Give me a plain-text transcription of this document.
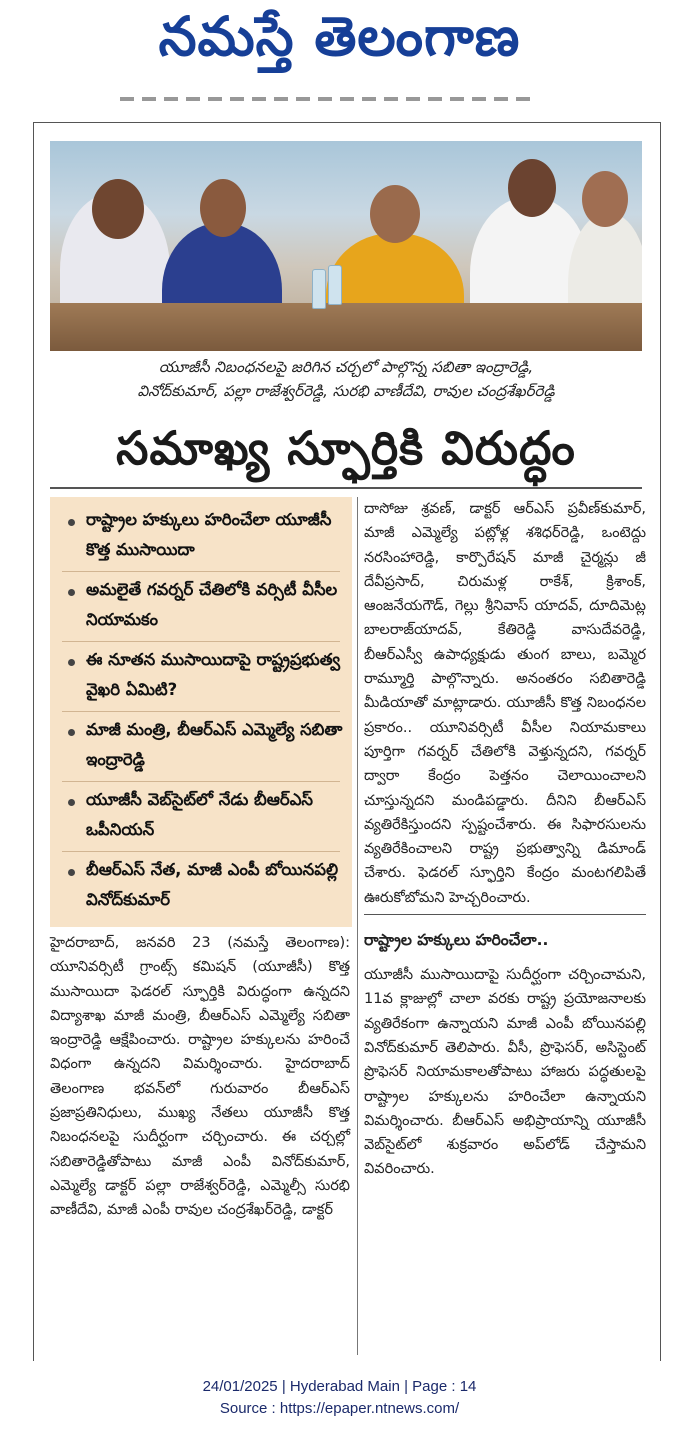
నమస్తే తెలంగాణ
యూజీసీ నిబంధనలపై జరిగిన చర్చలో పాల్గొన్న సబితా ఇంద్రారెడ్డి,
వినోద్‌కుమార్, పల్లా రాజేశ్వర్‌రెడ్డి, సురభి వాణీదేవి, రావుల చంద్రశేఖర్‌రెడ్డి
సమాఖ్య స్ఫూర్తికి విరుద్ధం
రాష్ట్రాల హక్కులు హరించేలా యూజీసీ కొత్త ముసాయిదా
అమలైతే గవర్నర్ చేతిలోకి వర్సిటీ వీసీల నియామకం
ఈ నూతన ముసాయిదాపై రాష్ట్రప్రభుత్వ వైఖరి ఏమిటి?
మాజీ మంత్రి, బీఆర్‌ఎస్ ఎమ్మెల్యే సబితా ఇంద్రారెడ్డి
యూజీసీ వెబ్‌సైట్‌లో నేడు బీఆర్‌ఎస్ ఒపీనియన్
బీఆర్‌ఎస్ నేత, మాజీ ఎంపీ బోయినపల్లి వినోద్‌కుమార్

హైదరాబాద్, జనవరి 23 (నమస్తే తెలంగాణ): యూనివర్సిటీ గ్రాంట్స్ కమిషన్ (యూజీసీ) కొత్త ముసాయిదా ఫెడరల్ స్ఫూర్తికి విరుద్ధంగా ఉన్నదని విద్యాశాఖ మాజీ మంత్రి, బీఆర్‌ఎస్ ఎమ్మెల్యే సబితా ఇంద్రారెడ్డి ఆక్షేపించారు. రాష్ట్రాల హక్కులను హరించే విధంగా ఉన్నదని విమర్శించారు. హైదరాబాద్ తెలంగాణ భవన్‌లో గురువారం బీఆర్‌ఎస్ ప్రజాప్రతినిధులు, ముఖ్య నేతలు యూజీసీ కొత్త నిబంధనలపై సుదీర్ఘంగా చర్చించారు. ఈ చర్చల్లో సబితారెడ్డితోపాటు మాజీ ఎంపీ వినోద్‌కుమార్, ఎమ్మెల్యే డాక్టర్ పల్లా రాజేశ్వర్‌రెడ్డి, ఎమ్మెల్సీ సురభి వాణీదేవి, మాజీ ఎంపీ రావుల చంద్రశేఖర్‌రెడ్డి, డాక్టర్

దాసోజు శ్రవణ్, డాక్టర్ ఆర్‌ఎస్ ప్రవీణ్‌కుమార్, మాజీ ఎమ్మెల్యే పట్లోళ్ల శశిధర్‌రెడ్డి, ఒంటెద్దు నరసింహారెడ్డి, కార్పొరేషన్ మాజీ చైర్మన్లు జీ దేవీప్రసాద్, చిరుమళ్ల రాకేశ్, క్రిశాంక్, ఆంజనేయగౌడ్, గెల్లు శ్రీనివాస్ యాదవ్, దూదిమెట్ల బాలరాజ్‌యాదవ్, కేతిరెడ్డి వాసుదేవరెడ్డి, బీఆర్‌ఎస్వీ ఉపాధ్యక్షుడు తుంగ బాలు, బమ్మెర రామ్మూర్తి పాల్గొన్నారు. అనంతరం సబితారెడ్డి మీడియాతో మాట్లాడారు. యూజీసీ కొత్త నిబంధనల ప్రకారం.. యూనివర్సిటీ వీసీల నియామకాలు పూర్తిగా గవర్నర్ చేతిలోకి వెళ్తున్నదని, గవర్నర్ ద్వారా కేంద్రం పెత్తనం చెలాయించాలని చూస్తున్నదని మండిపడ్డారు. దీనిని బీఆర్‌ఎస్ వ్యతిరేకిస్తుందని స్పష్టంచేశారు. ఈ సిఫారసులను వ్యతిరేకించాలని రాష్ట్ర ప్రభుత్వాన్ని డిమాండ్ చేశారు. ఫెడరల్ స్ఫూర్తిని కేంద్రం మంటగలిపితే ఊరుకోబోమని హెచ్చరించారు.

రాష్ట్రాల హక్కులు హరించేలా..

యూజీసీ ముసాయిదాపై సుదీర్ఘంగా చర్చించామని, 11వ క్లాజుల్లో చాలా వరకు రాష్ట్ర ప్రయోజనాలకు వ్యతిరేకంగా ఉన్నాయని మాజీ ఎంపీ బోయినపల్లి వినోద్‌కుమార్ తెలిపారు. వీసీ, ప్రొఫెసర్, అసిస్టెంట్ ప్రొఫెసర్ నియామకాలతోపాటు హాజరు పద్ధతులపై రాష్ట్రాల హక్కులను హరించేలా ఉన్నాయని విమర్శించారు. బీఆర్‌ఎస్ అభిప్రాయాన్ని యూజీసీ వెబ్‌సైట్‌లో శుక్రవారం అప్‌లోడ్ చేస్తామని వివరించారు.

24/01/2025 | Hyderabad Main | Page : 14
Source : https://epaper.ntnews.com/
